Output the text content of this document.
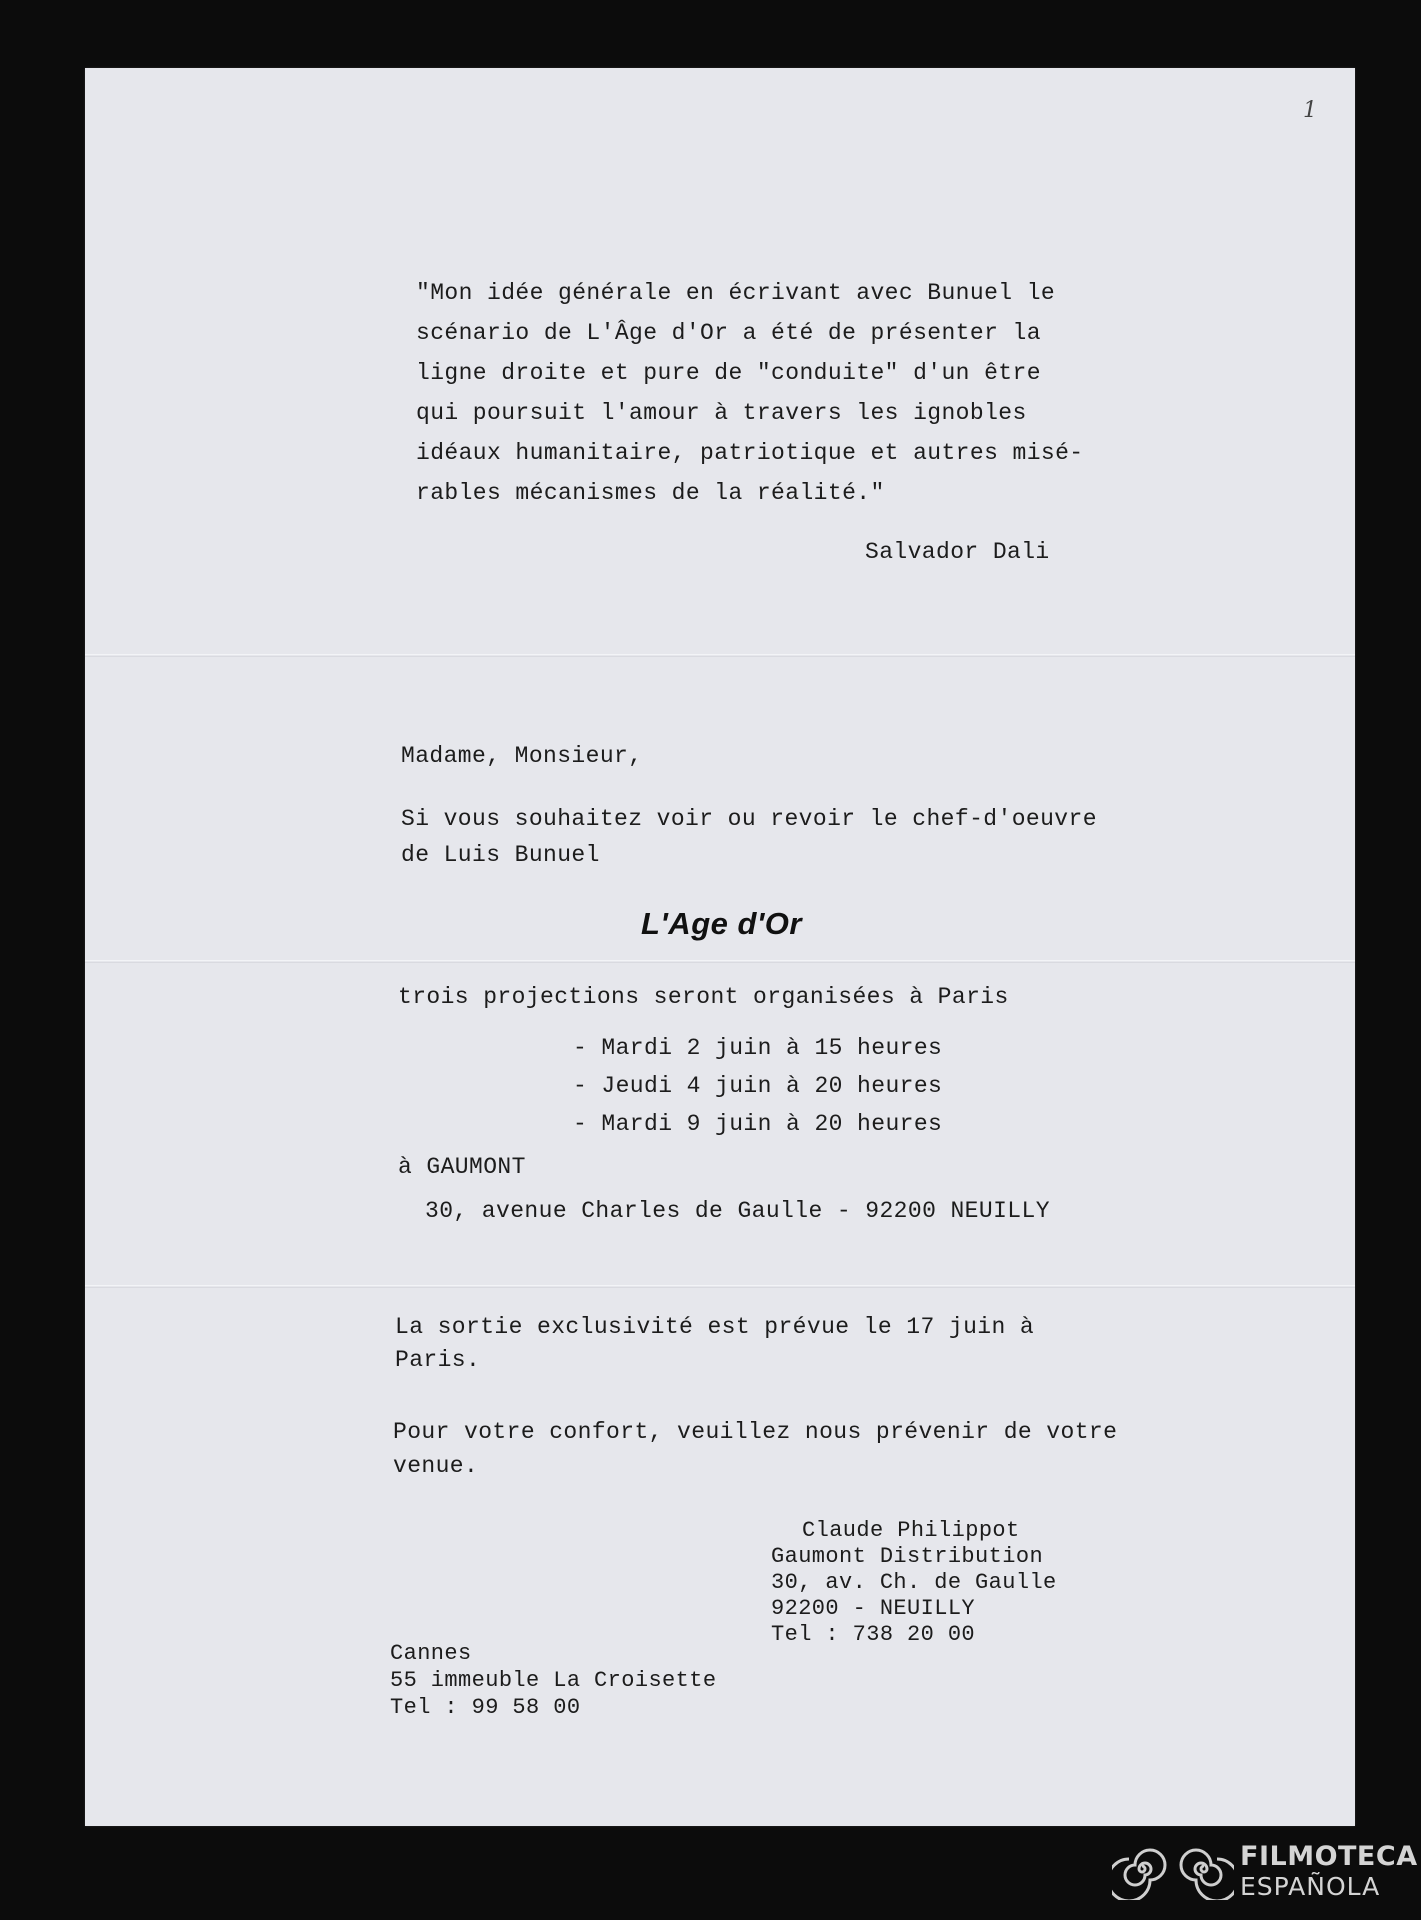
1
"Mon idée générale en écrivant avec Bunuel le
scénario de L'Âge d'Or a été de présenter la
ligne droite et pure de "conduite" d'un être
qui poursuit l'amour à travers les ignobles
idéaux humanitaire, patriotique et autres misé-
rables mécanismes de la réalité."
Salvador Dali
Madame, Monsieur,
Si vous souhaitez voir ou revoir le chef-d'oeuvre
de Luis Bunuel
L'Age d'Or
trois projections seront organisées à Paris
- Mardi 2 juin à 15 heures
- Jeudi 4 juin à 20 heures
- Mardi 9 juin à 20 heures
à GAUMONT
30, avenue Charles de Gaulle - 92200 NEUILLY
La sortie exclusivité est prévue le 17 juin à
Paris.
Pour votre confort, veuillez nous prévenir de votre
venue.
Claude Philippot
Gaumont Distribution
30, av. Ch. de Gaulle
92200 - NEUILLY
Tel : 738 20 00
Cannes
55 immeuble La Croisette
Tel : 99 58 00
FILMOTECA
ESPAÑOLA
